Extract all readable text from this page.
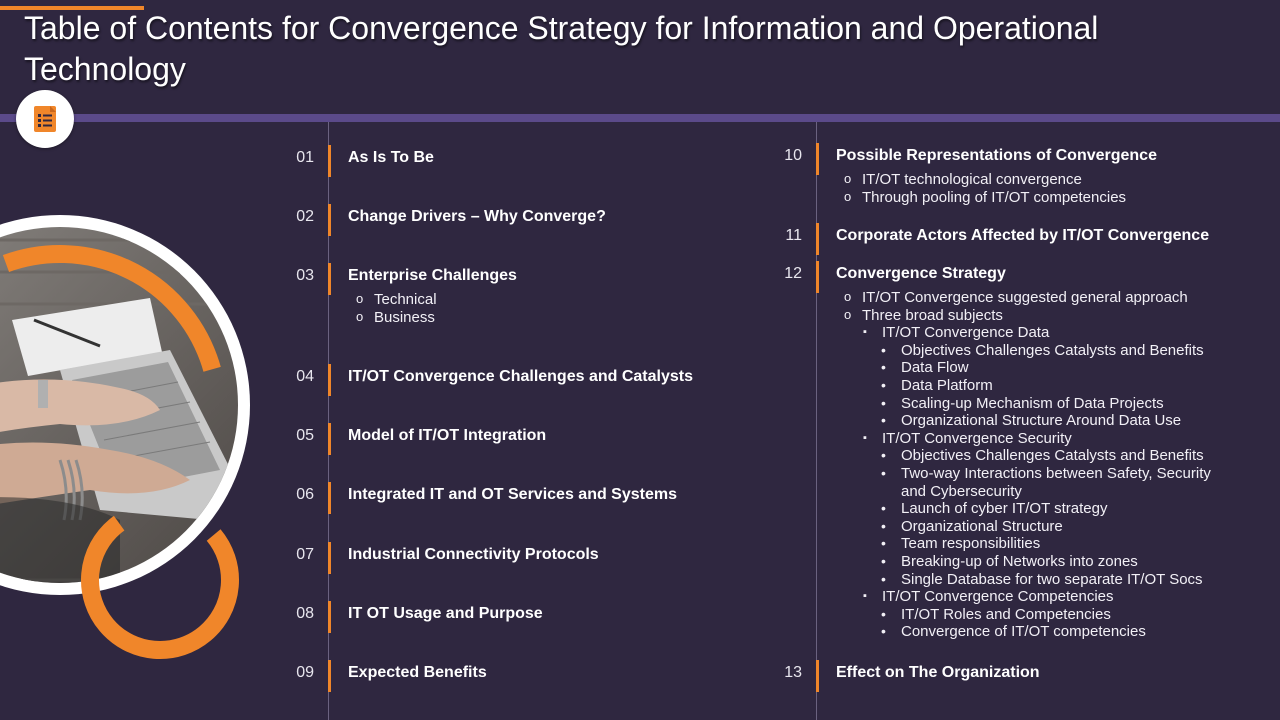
Table of Contents for Convergence Strategy for Information and Operational Technology
01 As Is To Be
02 Change Drivers – Why Converge?
03 Enterprise Challenges
o Technical
o Business
04 IT/OT Convergence Challenges and Catalysts
05 Model of IT/OT Integration
06 Integrated IT and OT Services and Systems
07 Industrial Connectivity Protocols
08 IT OT Usage and Purpose
09 Expected Benefits
10 Possible Representations of Convergence
o IT/OT technological convergence
o Through pooling of IT/OT competencies
11 Corporate Actors Affected by IT/OT Convergence
12 Convergence Strategy
o IT/OT Convergence suggested general approach
o Three broad subjects
▪ IT/OT Convergence Data
• Objectives Challenges Catalysts and Benefits
• Data Flow
• Data Platform
• Scaling-up Mechanism of Data Projects
• Organizational Structure Around Data Use
▪ IT/OT Convergence Security
• Objectives Challenges Catalysts and Benefits
• Two-way Interactions between Safety, Security
and Cybersecurity
• Launch of cyber IT/OT strategy
• Organizational Structure
• Team responsibilities
• Breaking-up of Networks into zones
• Single Database for two separate IT/OT Socs
▪ IT/OT Convergence Competencies
• IT/OT Roles and Competencies
• Convergence of IT/OT competencies
13 Effect on The Organization
